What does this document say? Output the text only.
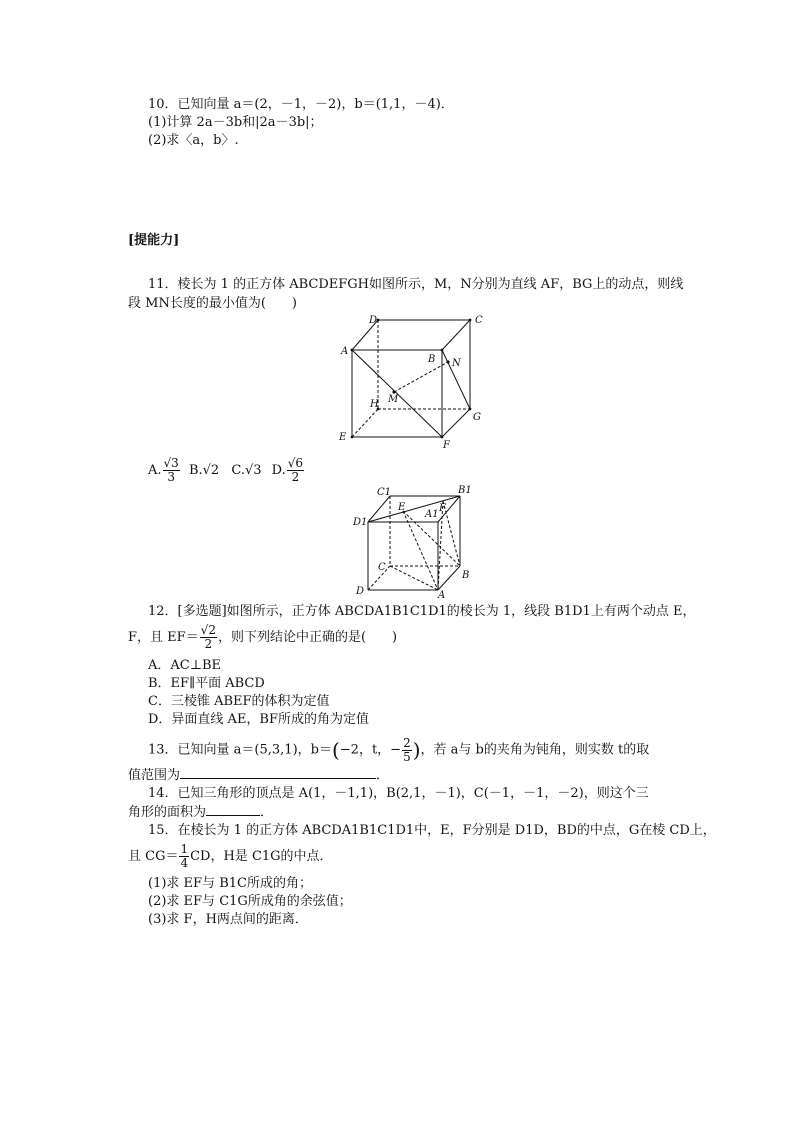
10．已知向量 a＝(2，－1，－2)，b＝(1,1，－4)．
(1)计算 2a－3b和|2a－3b|；
(2)求〈a，b〉.
[提能力]
11．棱长为 1 的正方体 ABCDEFGH如图所示，M，N分别为直线 AF，BG上的动点，则线
段 MN长度的最小值为(　　)
D	C
A
B N
M
H
G
E
F
A. $\frac{√3}{3} B.√2$ C.√3 D. $\frac{√6}{2}$
C1	B1
D1
E
A1
F
C
B
D	A
12．[多选题]如图所示，正方体 ABCDA1B1C1D1的棱长为 1，线段 B1D1上有两个动点 E，
F，且 $EF= \frac{√2}{2}$ ，则下列结论中正确的是(　　)
A．AC⊥BE
B．EF∥平面 ABCD
C．三棱锥 ABEF的体积为定值
D．异面直线 AE，BF所成的角为定值
13．已知向量 a＝(5,3,1)，b＝(−2，t，− $\frac{2}{5}$ )，若 a与 b的夹角为钝角，则实数 t的取
值范围为	．
14．已知三角形的顶点是 A(1，－1,1)，B(2,1，－1)，C(－1，－1，－2)，则这个三
角形的面积为	．
15．在棱长为 1 的正方体 ABCDA1B1C1D1中，E，F分别是 D1D，BD的中点，G在棱 CD上，
且 $CG= \frac{1}{4}$ CD，H是 C1G的中点．
(1)求 EF与 B1C所成的角；
(2)求 EF与 C1G所成角的余弦值；
(3)求 F，H两点间的距离．
